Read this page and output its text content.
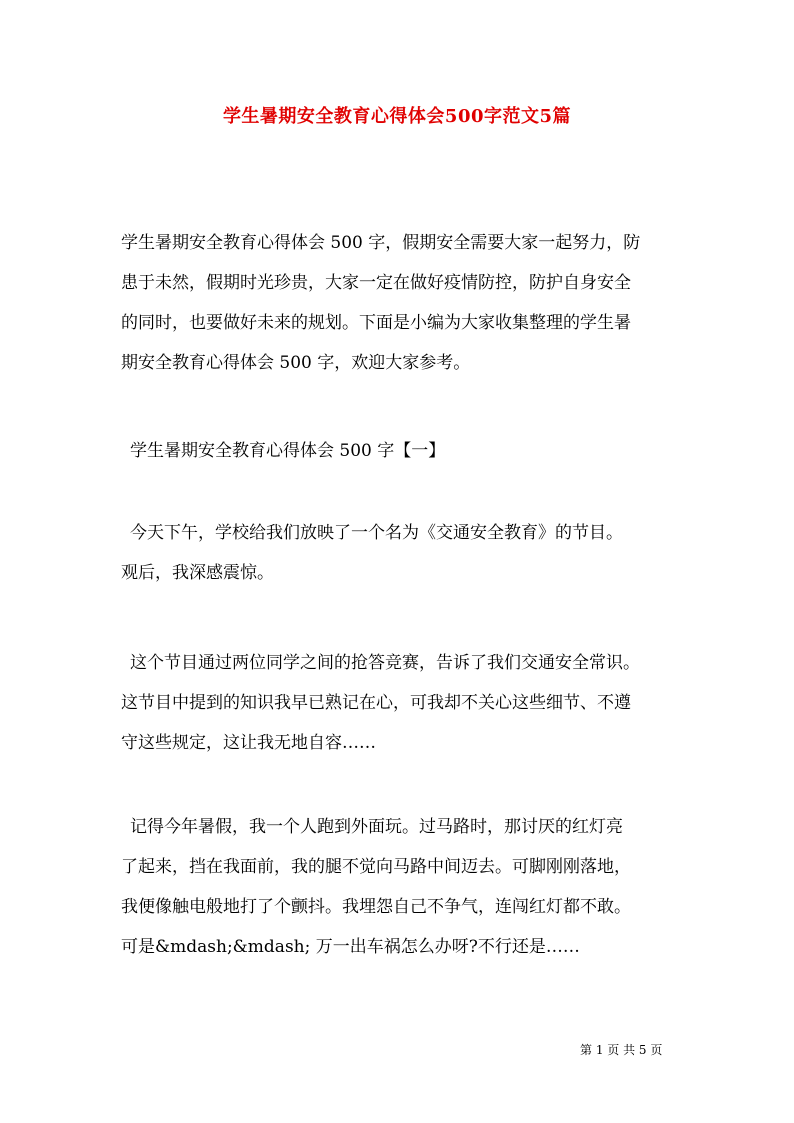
学生暑期安全教育心得体会500字范文5篇
学生暑期安全教育心得体会 500 字，假期安全需要大家一起努力，防
患于未然，假期时光珍贵，大家一定在做好疫情防控，防护自身安全
的同时，也要做好未来的规划。下面是小编为大家收集整理的学生暑
期安全教育心得体会 500 字，欢迎大家参考。
学生暑期安全教育心得体会 500 字【一】
今天下午，学校给我们放映了一个名为《交通安全教育》的节目。
观后，我深感震惊。
这个节目通过两位同学之间的抢答竞赛，告诉了我们交通安全常识。
这节目中提到的知识我早已熟记在心，可我却不关心这些细节、不遵
守这些规定，这让我无地自容……
记得今年暑假，我一个人跑到外面玩。过马路时，那讨厌的红灯亮
了起来，挡在我面前，我的腿不觉向马路中间迈去。可脚刚刚落地，
我便像触电般地打了个颤抖。我埋怨自己不争气，连闯红灯都不敢。
可是&mdash;&mdash; 万一出车祸怎么办呀?不行还是……
第 1 页 共 5 页
